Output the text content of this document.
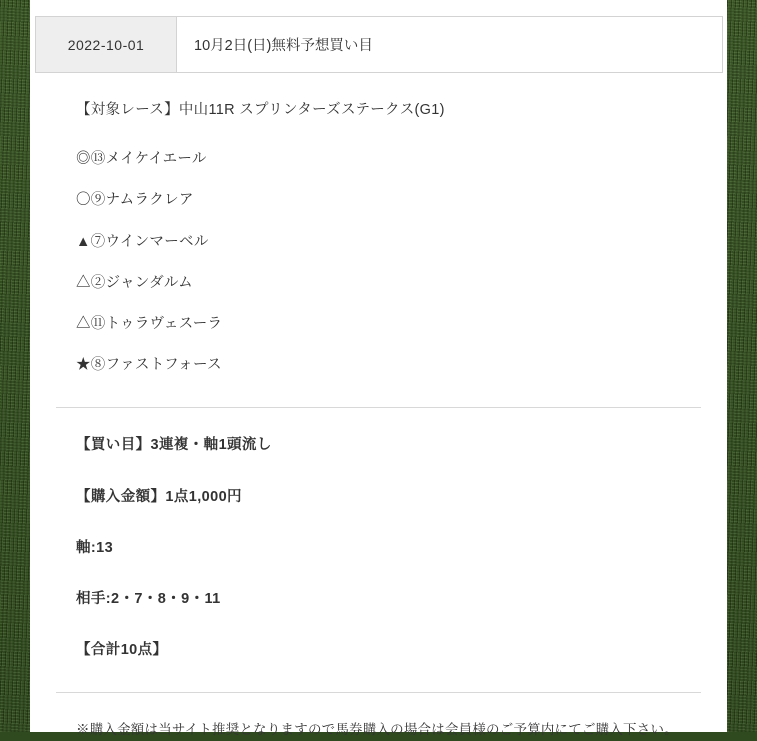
2022-10-01	10月2日(日)無料予想買い目
【対象レース】中山11R スプリンターズステークス(G1)
◎⑬メイケイエール
〇⑨ナムラクレア
▲⑦ウインマーベル
△②ジャンダルム
△⑪トゥラヴェスーラ
★⑧ファストフォース
【買い目】3連複・軸1頭流し
【購入金額】1点1,000円
軸:13
相手:2・7・8・9・11
【合計10点】
※購入金額は当サイト推奨となりますので馬券購入の場合は会員様のご予算内にてご購入下さい。
